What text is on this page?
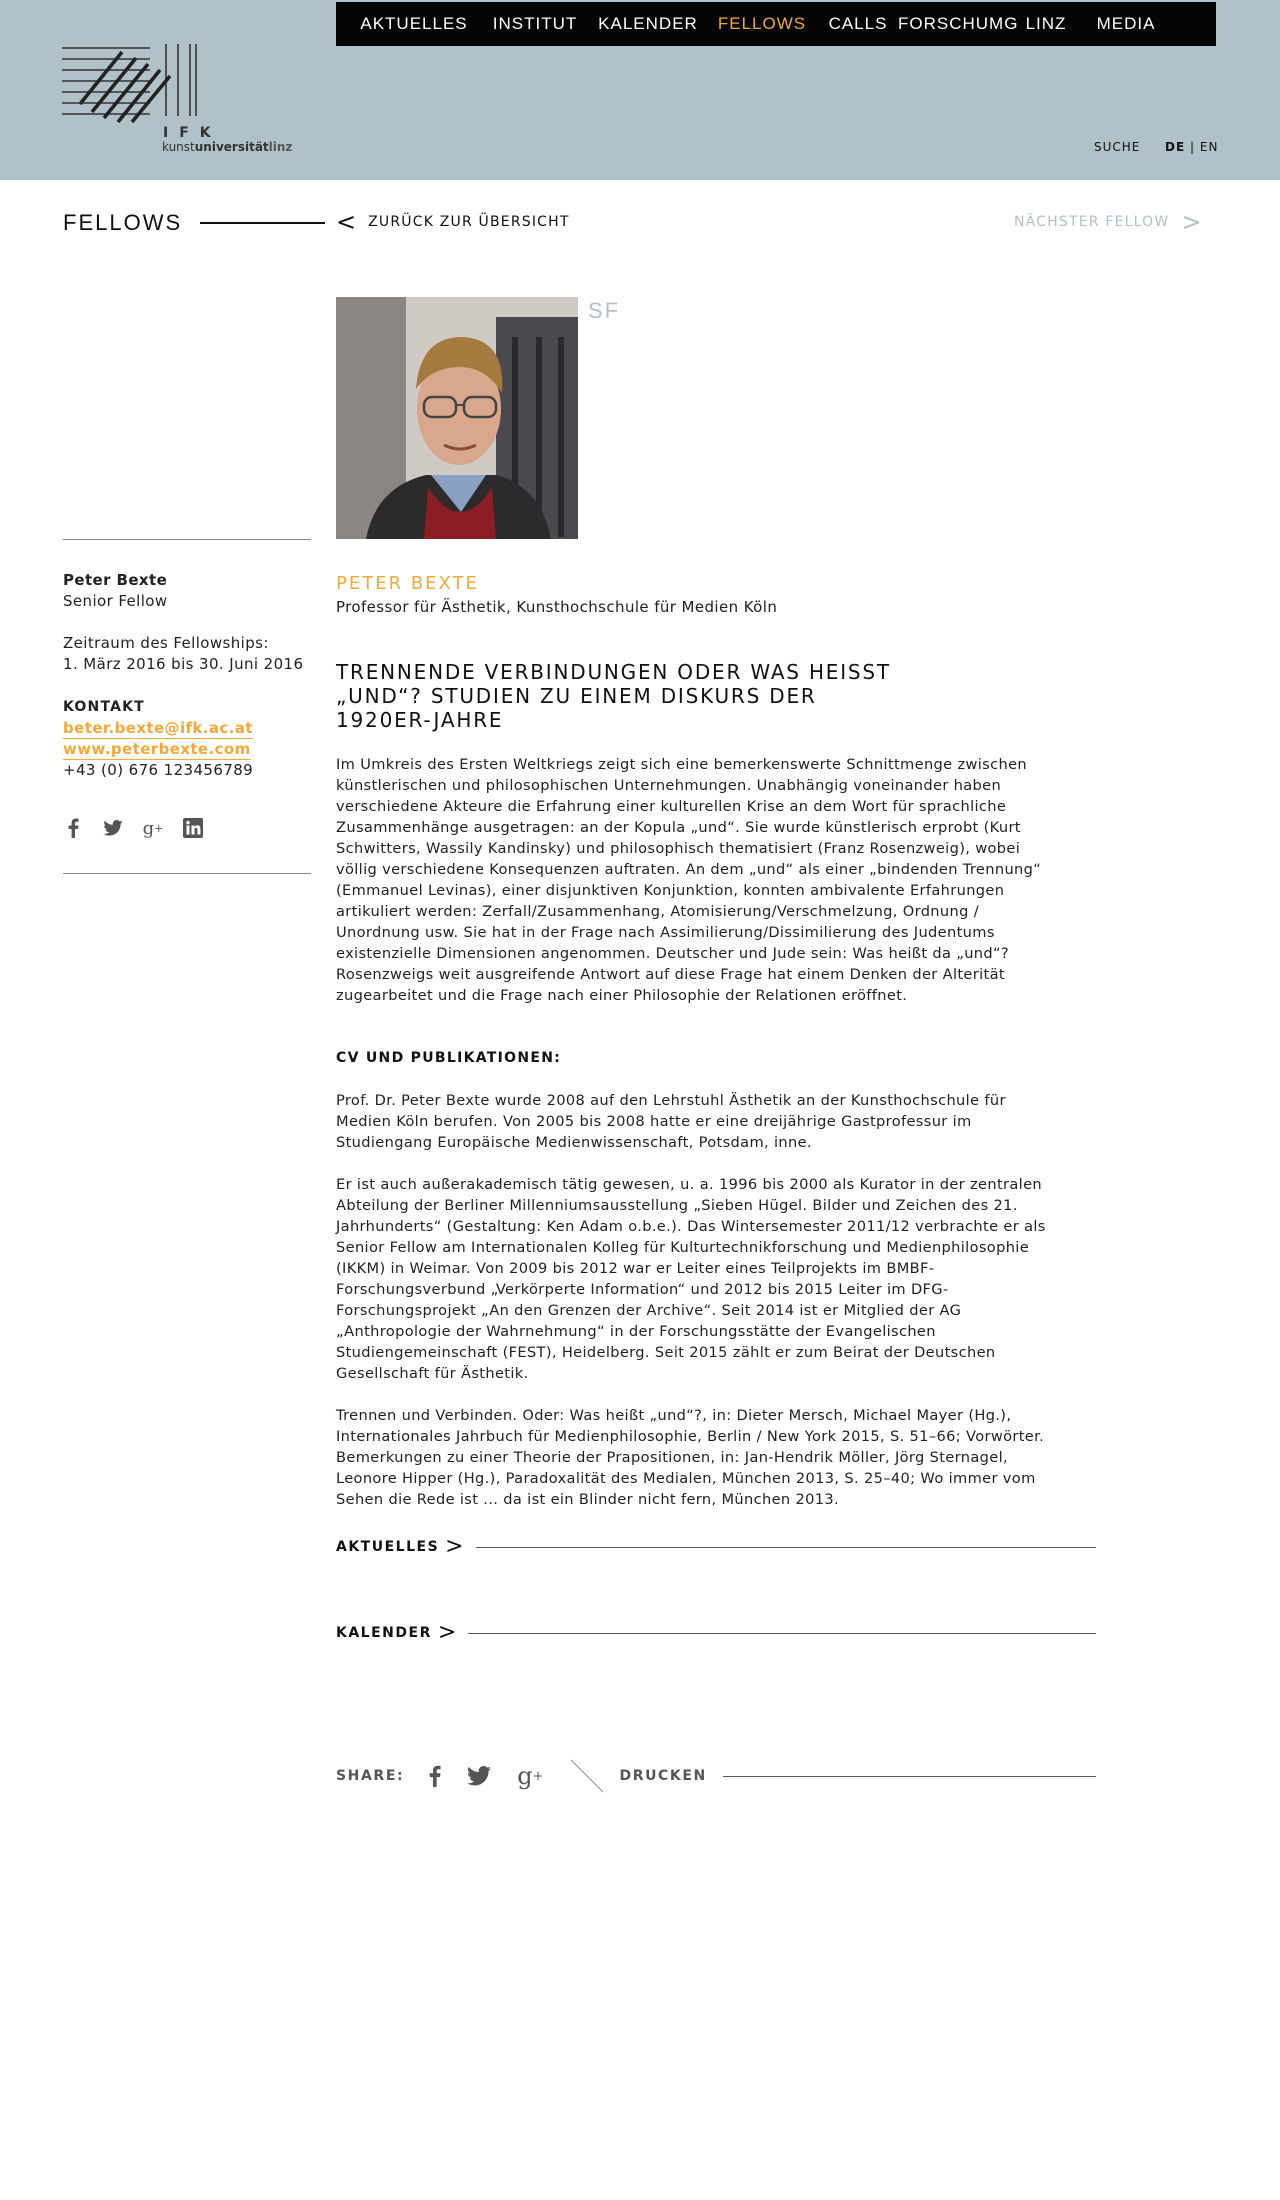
IFK
kunstuniversitätlinz
AKTUELLES	INSTITUT	KALENDER	FELLOWS	CALLS FORSCHUMG LINZ	MEDIA
SUCHE DE | EN
FELLOWS	< ZURÜCK ZUR ÜBERSICHT	NÄCHSTER FELLOW >
SF
Peter Bexte
Senior Fellow
Zeitraum des Fellowships:
1. März 2016 bis 30. Juni 2016
KONTAKT
beter.bexte@ifk.ac.at
www.peterbexte.com
+43 (0) 676 123456789
g +
PETER BEXTE
Professor für Ästhetik, Kunsthochschule für Medien Köln
TRENNENDE VERBINDUNGEN ODER WAS HEISST „UND“? STUDIEN ZU EINEM DISKURS DER 1920ER-JAHRE

Im Umkreis des Ersten Weltkriegs zeigt sich eine bemerkenswerte Schnittmenge zwischen künstlerischen und philosophischen Unternehmungen. Unabhängig voneinander haben verschiedene Akteure die Erfahrung einer kulturellen Krise an dem Wort für sprachliche Zusammenhänge ausgetragen: an der Kopula „und“. Sie wurde künstlerisch erprobt (Kurt Schwitters, Wassily Kandinsky) und philosophisch thematisiert (Franz Rosenzweig), wobei völlig verschiedene Konsequenzen auftraten. An dem „und“ als einer „bindenden Trennung“ (Emmanuel Levinas), einer disjunktiven Konjunktion, konnten ambivalente Erfahrungen artikuliert werden: Zerfall/Zusammenhang, Atomisierung/Verschmelzung, Ordnung / Unordnung usw. Sie hat in der Frage nach Assimilierung/Dissimilierung des Judentums existenzielle Dimensionen angenommen. Deutscher und Jude sein: Was heißt da „und“? Rosenzweigs weit ausgreifende Antwort auf diese Frage hat einem Denken der Alterität zugearbeitet und die Frage nach einer Philosophie der Relationen eröffnet.

CV UND PUBLIKATIONEN:

Prof. Dr. Peter Bexte wurde 2008 auf den Lehrstuhl Ästhetik an der Kunsthochschule für Medien Köln berufen. Von 2005 bis 2008 hatte er eine dreijährige Gastprofessur im Studiengang Europäische Medienwissenschaft, Potsdam, inne.

Er ist auch außerakademisch tätig gewesen, u. a. 1996 bis 2000 als Kurator in der zentralen Abteilung der Berliner Millenniumsausstellung „Sieben Hügel. Bilder und Zeichen des 21. Jahrhunderts“ (Gestaltung: Ken Adam o.b.e.). Das Wintersemester 2011/12 verbrachte er als Senior Fellow am Internationalen Kolleg für Kulturtechnikforschung und Medienphilosophie (IKKM) in Weimar. Von 2009 bis 2012 war er Leiter eines Teilprojekts im BMBF-Forschungsverbund „Verkörperte Information“ und 2012 bis 2015 Leiter im DFG-Forschungsprojekt „An den Grenzen der Archive“. Seit 2014 ist er Mitglied der AG „Anthropologie der Wahrnehmung“ in der Forschungsstätte der Evangelischen Studiengemeinschaft (FEST), Heidelberg. Seit 2015 zählt er zum Beirat der Deutschen Gesellschaft für Ästhetik.

Trennen und Verbinden. Oder: Was heißt „und“?, in: Dieter Mersch, Michael Mayer (Hg.), Internationales Jahrbuch für Medienphilosophie, Berlin / New York 2015, S. 51–66; Vorwörter. Bemerkungen zu einer Theorie der Prapositionen, in: Jan-Hendrik Möller, Jörg Sternagel, Leonore Hipper (Hg.), Paradoxalität des Medialen, München 2013, S. 25–40; Wo immer vom Sehen die Rede ist ... da ist ein Blinder nicht fern, München 2013.

AKTUELLES >
KALENDER >
SHARE:	g +	DRUCKEN
